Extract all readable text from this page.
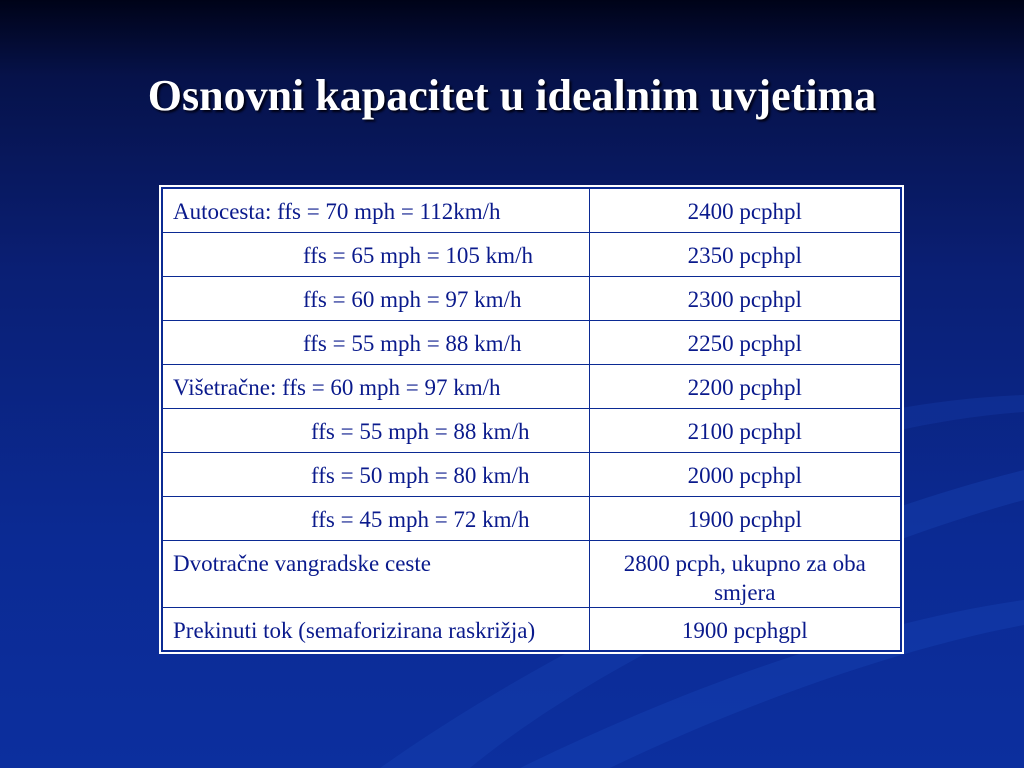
Osnovni kapacitet u idealnim uvjetima
Autocesta: ffs = 70 mph = 112km/h	2400 pcphpl
ffs = 65 mph = 105 km/h	2350 pcphpl
ffs = 60 mph = 97 km/h	2300 pcphpl
ffs = 55 mph = 88 km/h	2250 pcphpl
Višetračne: ffs = 60 mph = 97 km/h	2200 pcphpl
ffs = 55 mph = 88 km/h	2100 pcphpl
ffs = 50 mph = 80 km/h	2000 pcphpl
ffs = 45 mph = 72 km/h	1900 pcphpl
Dvotračne vangradske ceste	2800 pcph, ukupno za oba smjera
Prekinuti tok (semaforizirana raskrižja)	1900 pcphgpl
